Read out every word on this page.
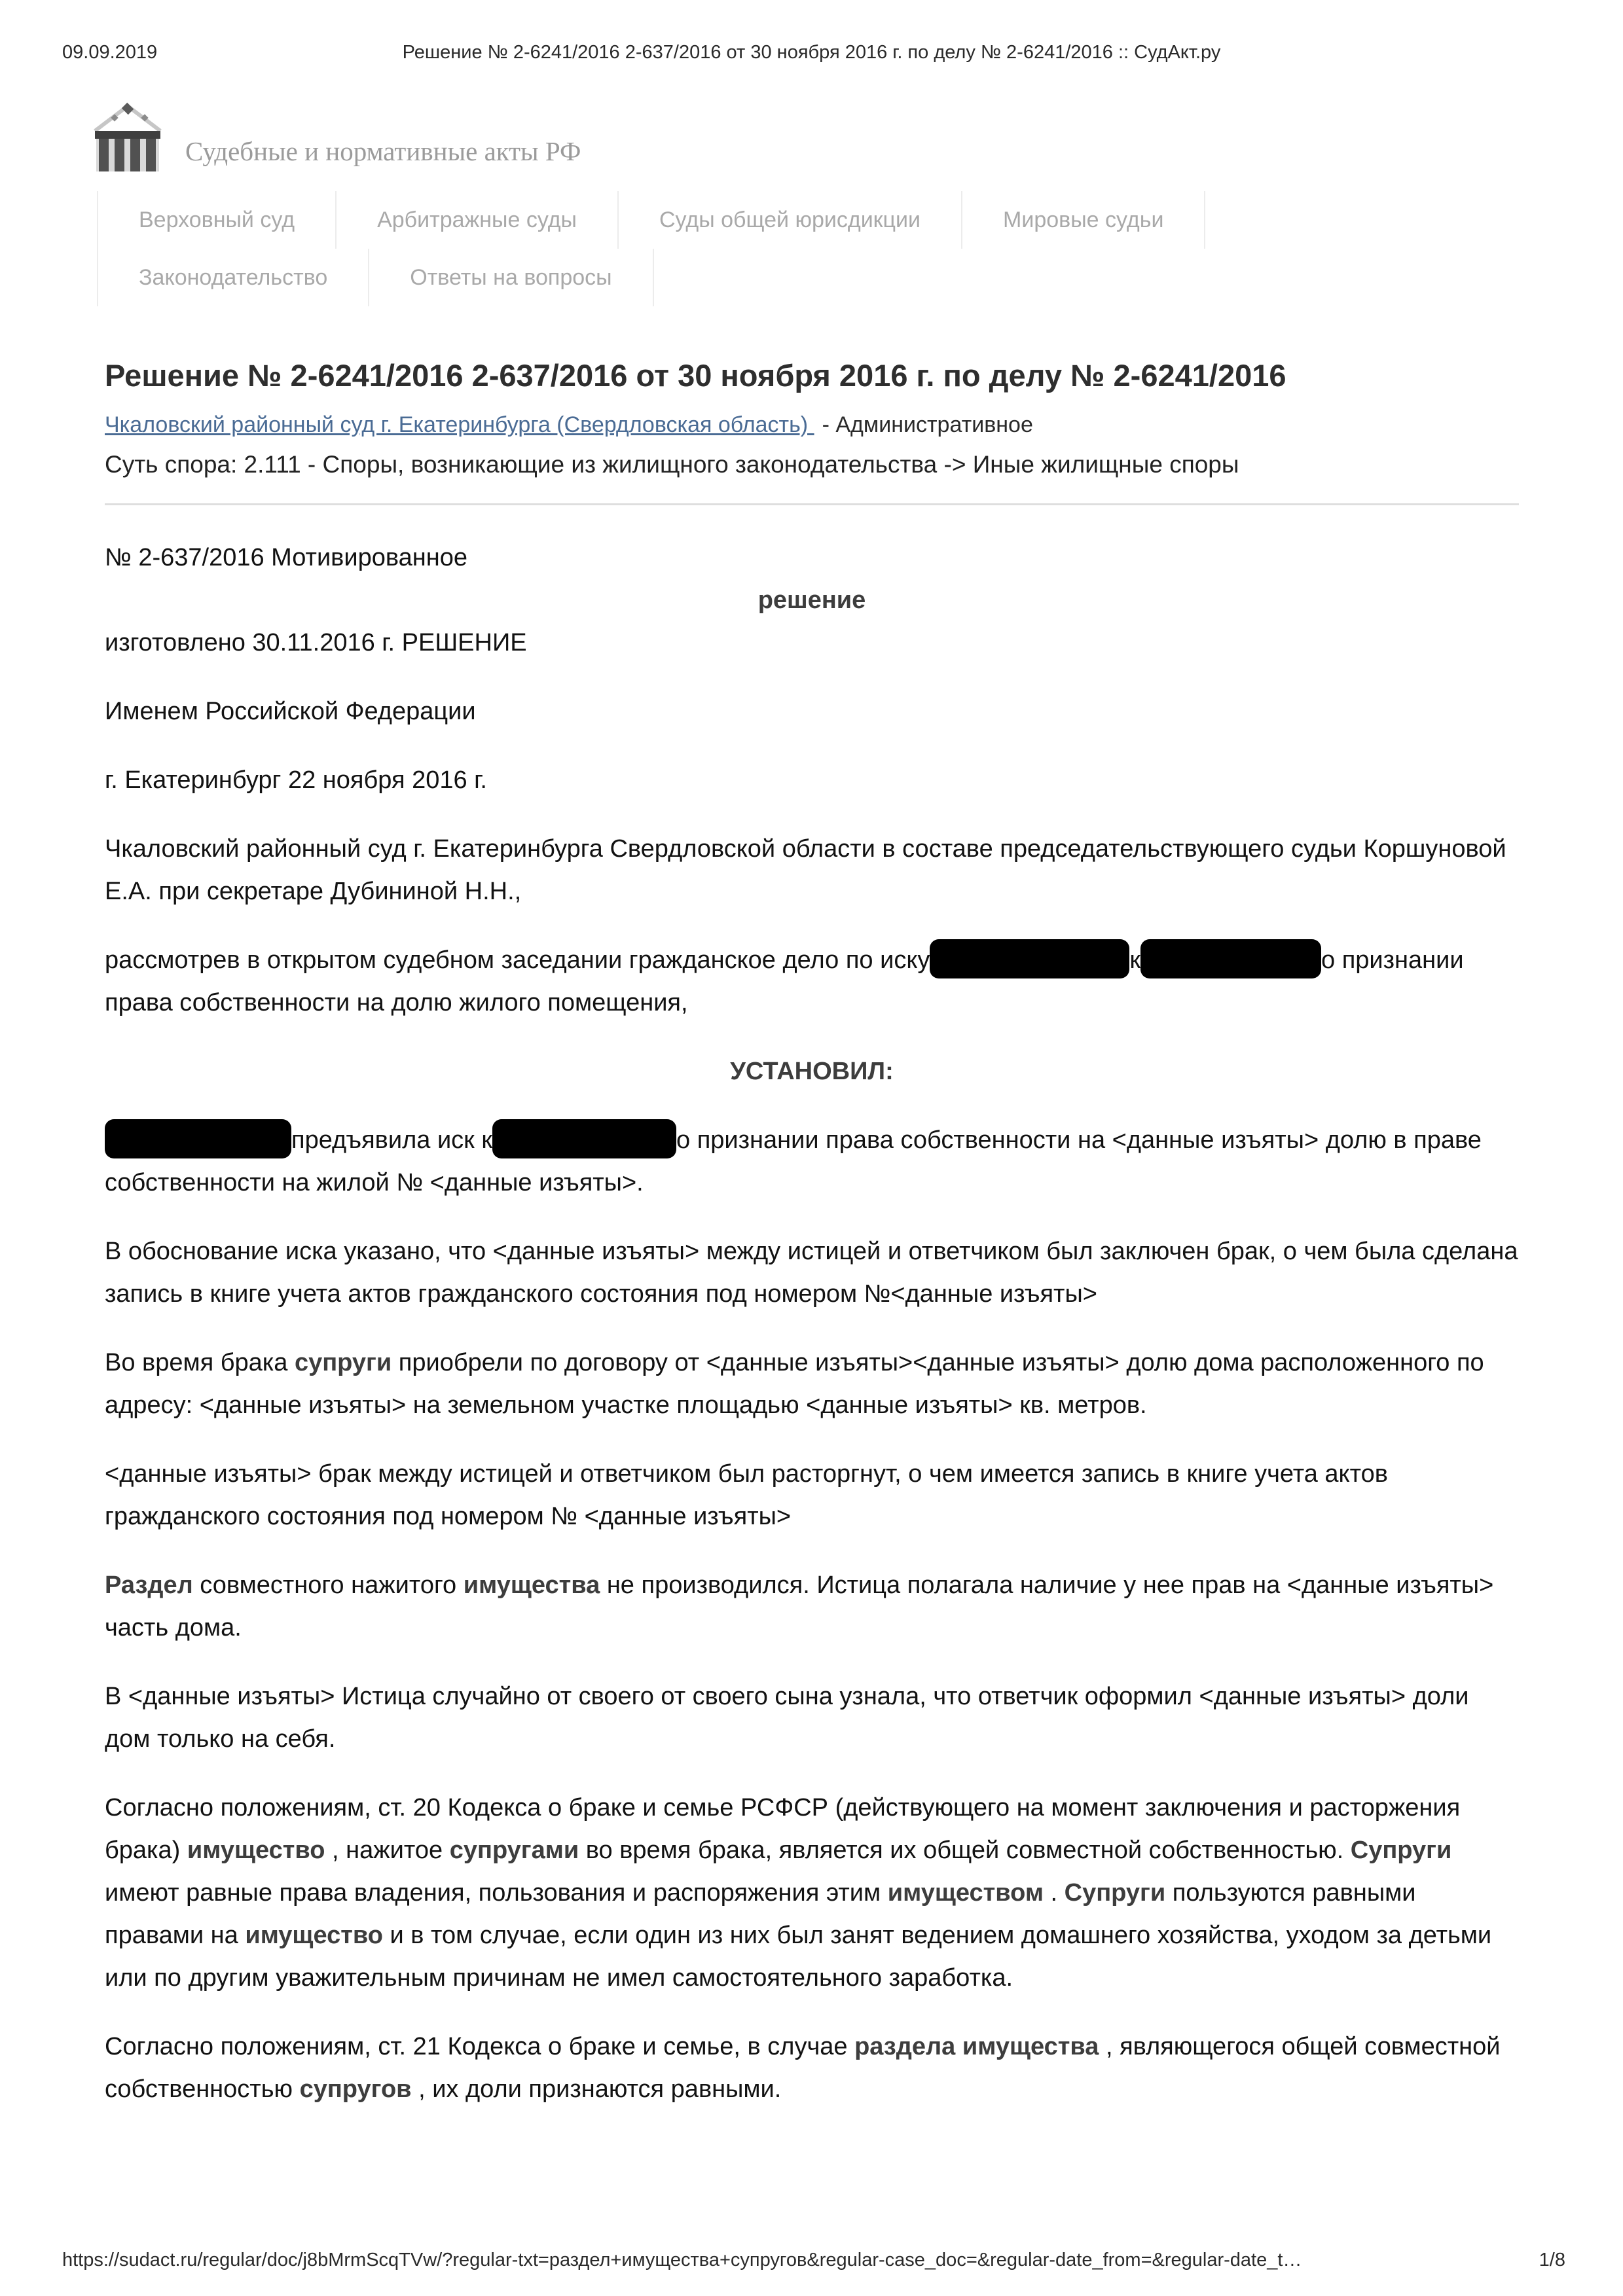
09.09.2019	Решение № 2-6241/2016 2-637/2016 от 30 ноября 2016 г. по делу № 2-6241/2016 :: СудАкт.ру
Судебные и нормативные акты РФ
Верховный суд	Арбитражные суды	Суды общей юрисдикции	Мировые судьи
Законодательство	Ответы на вопросы
Решение № 2-6241/2016 2-637/2016 от 30 ноября 2016 г. по делу № 2-6241/2016
Чкаловский районный суд г. Екатеринбурга (Свердловская область) - Административное
Суть спора: 2.111 - Споры, возникающие из жилищного законодательства -> Иные жилищные споры

№ 2-637/2016 Мотивированное

решение

изготовлено 30.11.2016 г. РЕШЕНИЕ

Именем Российской Федерации

г. Екатеринбург 22 ноября 2016 г.

Чкаловский районный суд г. Екатеринбурга Свердловской области в составе председательствующего судьи Коршуновой Е.А. при секретаре Дубининой Н.Н.,

рассмотрев в открытом судебном заседании гражданское дело по иску	к	о признании права собственности на долю жилого помещения,

УСТАНОВИЛ:

предъявила иск к	о признании права собственности на <данные изъяты> долю в праве собственности на жилой № <данные изъяты>.

В обоснование иска указано, что <данные изъяты> между истицей и ответчиком был заключен брак, о чем была сделана запись в книге учета актов гражданского состояния под номером №<данные изъяты>

Во время брака супруги приобрели по договору от <данные изъяты><данные изъяты> долю дома расположенного по адресу: <данные изъяты> на земельном участке площадью <данные изъяты> кв. метров.

<данные изъяты> брак между истицей и ответчиком был расторгнут, о чем имеется запись в книге учета актов гражданского состояния под номером № <данные изъяты>

Раздел совместного нажитого имущества не производился. Истица полагала наличие у нее прав на <данные изъяты> часть дома.

В <данные изъяты> Истица случайно от своего от своего сына узнала, что ответчик оформил <данные изъяты> доли дом только на себя.

Согласно положениям, ст. 20 Кодекса о браке и семье РСФСР (действующего на момент заключения и расторжения брака) имущество , нажитое супругами во время брака, является их общей совместной собственностью. Супруги имеют равные права владения, пользования и распоряжения этим имуществом . Супруги пользуются равными правами на имущество и в том случае, если один из них был занят ведением домашнего хозяйства, уходом за детьми или по другим уважительным причинам не имел самостоятельного заработка.

Согласно положениям, ст. 21 Кодекса о браке и семье, в случае раздела имущества , являющегося общей совместной собственностью супругов , их доли признаются равными.

https://sudact.ru/regular/doc/j8bMrmScqTVw/?regular-txt=раздел+имущества+супругов&regular-case_doc=&regular-date_from=&regular-date_t…	1/8
